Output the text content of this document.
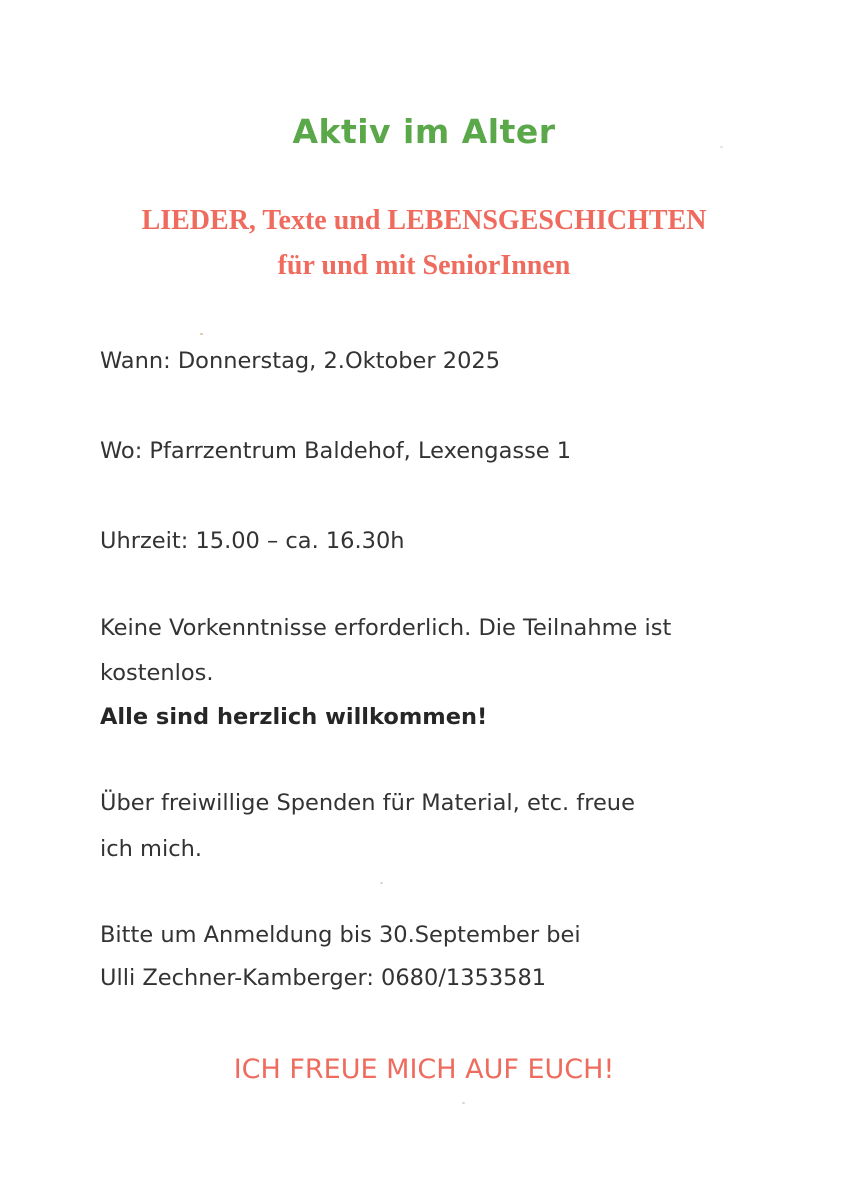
Aktiv im Alter
LIEDER, Texte und LEBENSGESCHICHTEN
für und mit SeniorInnen
Wann: Donnerstag, 2.Oktober 2025
Wo: Pfarrzentrum Baldehof, Lexengasse 1
Uhrzeit: 15.00 – ca. 16.30h
Keine Vorkenntnisse erforderlich. Die Teilnahme ist
kostenlos.
Alle sind herzlich willkommen!
Über freiwillige Spenden für Material, etc. freue
ich mich.
Bitte um Anmeldung bis 30.September bei
Ulli Zechner-Kamberger: 0680/1353581
ICH FREUE MICH AUF EUCH!
